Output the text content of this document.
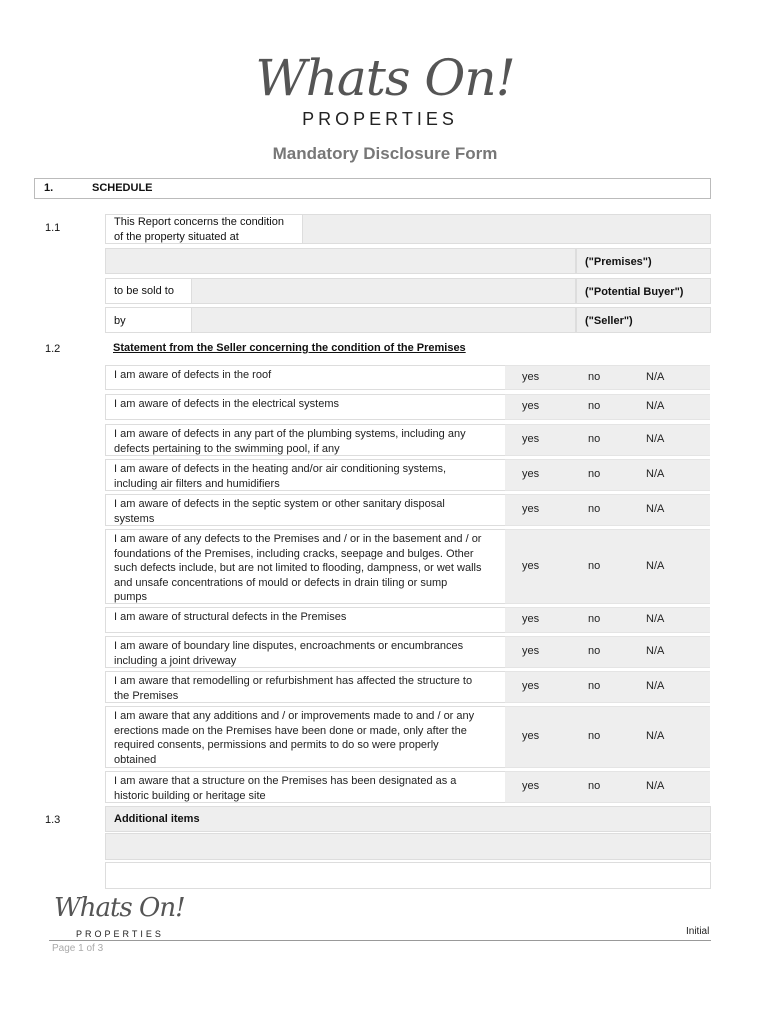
Whats On!
PROPERTIES
Mandatory Disclosure Form
1.	SCHEDULE
1.1	This Report concerns the condition
of the property situated at
("Premises")
to be sold to	("Potential Buyer")
by	("Seller")
1.2	Statement from the Seller concerning the condition of the Premises
I am aware of defects in the roof	yes	no	N/A
I am aware of defects in the electrical systems	yes	no	N/A
I am aware of defects in any part of the plumbing systems, including any
defects pertaining to the swimming pool, if any
yes	no	N/A
I am aware of defects in the heating and/or air conditioning systems,
including air filters and humidifiers
yes	no	N/A
I am aware of defects in the septic system or other sanitary disposal
systems
yes	no	N/A
I am aware of any defects to the Premises and / or in the basement and / or
foundations of the Premises, including cracks, seepage and bulges. Other
such defects include, but are not limited to flooding, dampness, or wet walls
and unsafe concentrations of mould or defects in drain tiling or sump
pumps
yes	no	N/A
I am aware of structural defects in the Premises	yes	no	N/A
I am aware of boundary line disputes, encroachments or encumbrances
including a joint driveway
yes	no	N/A
I am aware that remodelling or refurbishment has affected the structure to
the Premises
yes	no	N/A
I am aware that any additions and / or improvements made to and / or any
erections made on the Premises have been done or made, only after the
required consents, permissions and permits to do so were properly
obtained
yes	no	N/A
I am aware that a structure on the Premises has been designated as a
historic building or heritage site
yes	no	N/A
1.3	Additional items
Whats On!
PROPERTIES	Initial
Page 1 of 3
